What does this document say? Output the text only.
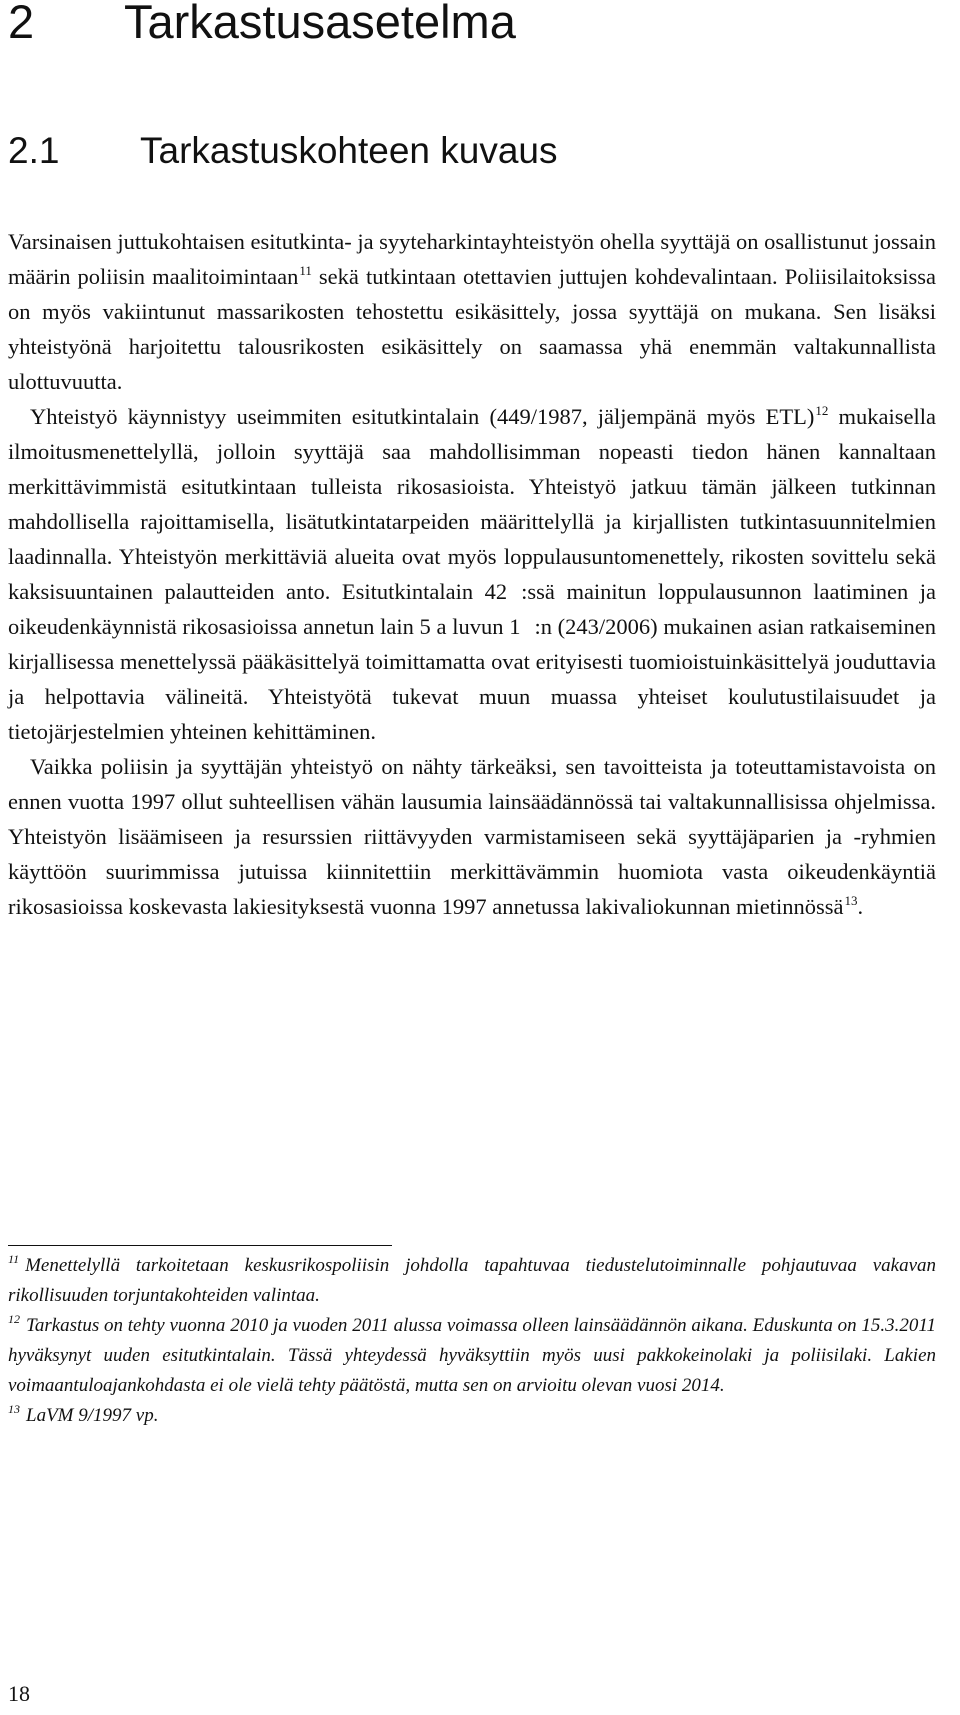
2 Tarkastusasetelma
2.1 Tarkastuskohteen kuvaus

Varsinaisen juttukohtaisen esitutkinta- ja syyteharkintayhteistyön ohella syyttäjä on osallistunut jossain määrin poliisin maalitoimintaan$^{11}$ sekä tutkintaan otettavien juttujen kohdevalintaan. Poliisilaitoksissa on myös vakiintunut massarikosten tehostettu esikäsittely, jossa syyttäjä on mukana. Sen lisäksi yhteistyönä harjoitettu talousrikosten esikäsittely on saamassa yhä enemmän valtakunnallista ulottuvuutta.

Yhteistyö käynnistyy useimmiten esitutkintalain (449/1987, jäljempänä myös ETL)$^{12}$ mukaisella ilmoitusmenettelyllä, jolloin syyttäjä saa mahdollisimman nopeasti tiedon hänen kannaltaan merkittävimmistä esitutkintaan tulleista rikosasioista. Yhteistyö jatkuu tämän jälkeen tutkinnan mahdollisella rajoittamisella, lisätutkintatarpeiden määrittelyllä ja kirjallisten tutkintasuunnitelmien laadinnalla. Yhteistyön merkittäviä alueita ovat myös loppulausuntomenettely, rikosten sovittelu sekä kaksisuuntainen palautteiden anto. Esitutkintalain 42 :ssä mainitun loppulausunnon laatiminen ja oikeudenkäynnistä rikosasioissa annetun lain 5 a luvun 1 :n (243/2006) mukainen asian ratkaiseminen kirjallisessa menettelyssä pääkäsittelyä toimittamatta ovat erityisesti tuomioistuinkäsittelyä jouduttavia ja helpottavia välineitä. Yhteistyötä tukevat muun muassa yhteiset koulutustilaisuudet ja tietojärjestelmien yhteinen kehittäminen.

Vaikka poliisin ja syyttäjän yhteistyö on nähty tärkeäksi, sen tavoitteista ja toteuttamistavoista on ennen vuotta 1997 ollut suhteellisen vähän lausumia lainsäädännössä tai valtakunnallisissa ohjelmissa. Yhteistyön lisäämiseen ja resurssien riittävyyden varmistamiseen sekä syyttäjäparien ja -ryhmien käyttöön suurimmissa jutuissa kiinnitettiin merkittävämmin huomiota vasta oikeudenkäyntiä rikosasioissa koskevasta lakiesityksestä vuonna 1997 annetussa lakivaliokunnan mietinnössä$^{13}$.

$^{11}$ Menettelyllä tarkoitetaan keskusrikospoliisin johdolla tapahtuvaa tiedustelutoiminnalle pohjautuvaa vakavan rikollisuuden torjuntakohteiden valintaa.

$^{12}$ Tarkastus on tehty vuonna 2010 ja vuoden 2011 alussa voimassa olleen lainsäädännön aikana. Eduskunta on 15.3.2011 hyväksynyt uuden esitutkintalain. Tässä yhteydessä hyväksyttiin myös uusi pakkokeinolaki ja poliisilaki. Lakien voimaantuloajankohdasta ei ole vielä tehty päätöstä, mutta sen on arvioitu olevan vuosi 2014.

$^{13}$ LaVM 9/1997 vp.

18
